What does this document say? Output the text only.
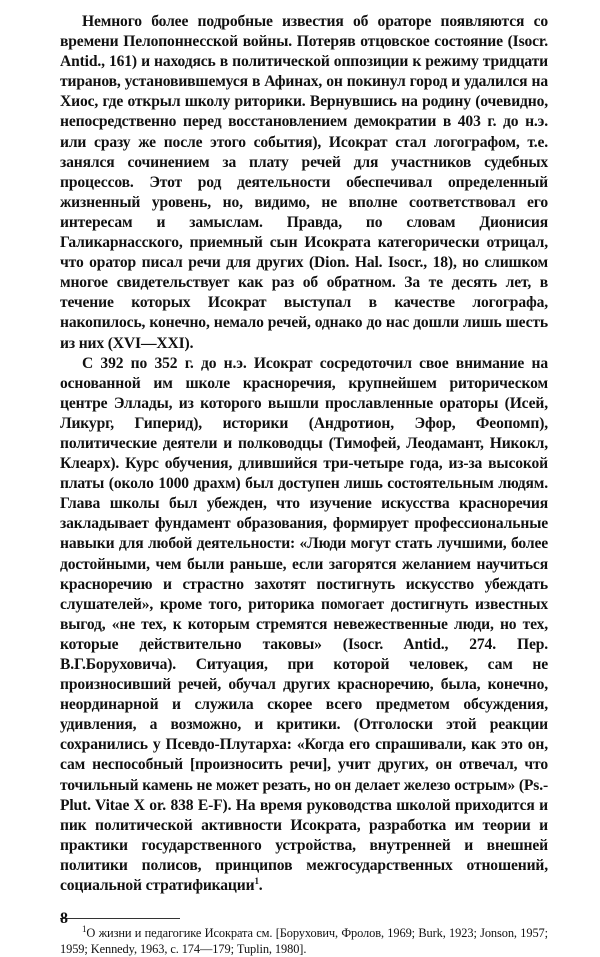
Немного более подробные известия об ораторе появляются со времени Пелопоннесской войны. Потеряв отцовское состояние (Isocr. Antid., 161) и находясь в политической оппозиции к режиму тридцати тиранов, установившемуся в Афинах, он покинул город и удалился на Хиос, где открыл школу риторики. Вернувшись на родину (очевидно, непосредственно перед восстановлением демократии в 403 г. до н.э. или сразу же после этого события), Исократ стал логографом, т.е. занялся сочинением за плату речей для участников судебных процессов. Этот род деятельности обеспечивал определенный жизненный уровень, но, видимо, не вполне соответствовал его интересам и замыслам. Правда, по словам Дионисия Галикарнасского, приемный сын Исократа категорически отрицал, что оратор писал речи для других (Dion. Hal. Isocr., 18), но слишком многое свидетельствует как раз об обратном. За те десять лет, в течение которых Исократ выступал в качестве логографа, накопилось, конечно, немало речей, однако до нас дошли лишь шесть из них (XVI—XXI).

С 392 по 352 г. до н.э. Исократ сосредоточил свое внимание на основанной им школе красноречия, крупнейшем риторическом центре Эллады, из которого вышли прославленные ораторы (Исей, Ликург, Гиперид), историки (Андротион, Эфор, Феопомп), политические деятели и полководцы (Тимофей, Леодамант, Никокл, Клеарх). Курс обучения, длившийся три-четыре года, из-за высокой платы (около 1000 драхм) был доступен лишь состоятельным людям. Глава школы был убежден, что изучение искусства красноречия закладывает фундамент образования, формирует профессиональные навыки для любой деятельности: «Люди могут стать лучшими, более достойными, чем были раньше, если загорятся желанием научиться красноречию и страстно захотят постигнуть искусство убеждать слушателей», кроме того, риторика помогает достигнуть известных выгод, «не тех, к которым стремятся невежественные люди, но тех, которые действительно таковы» (Isocr. Antid., 274. Пер. В.Г.Боруховича). Ситуация, при которой человек, сам не произносивший речей, обучал других красноречию, была, конечно, неординарной и служила скорее всего предметом обсуждения, удивления, а возможно, и критики. (Отголоски этой реакции сохранились у Псевдо-Плутарха: «Когда его спрашивали, как это он, сам неспособный [произносить речи], учит других, он отвечал, что точильный камень не может резать, но он делает железо острым» (Ps.-Plut. Vitae X or. 838 E-F). На время руководства школой приходится и пик политической активности Исократа, разработка им теории и практики государственного устройства, внутренней и внешней политики полисов, принципов межгосударственных отношений, социальной стратификации$^1$.

$^1$О жизни и педагогике Исократа см. [Борухович, Фролов, 1969; Burk, 1923; Jonson, 1957; 1959; Kennedy, 1963, с. 174—179; Tuplin, 1980].

8
